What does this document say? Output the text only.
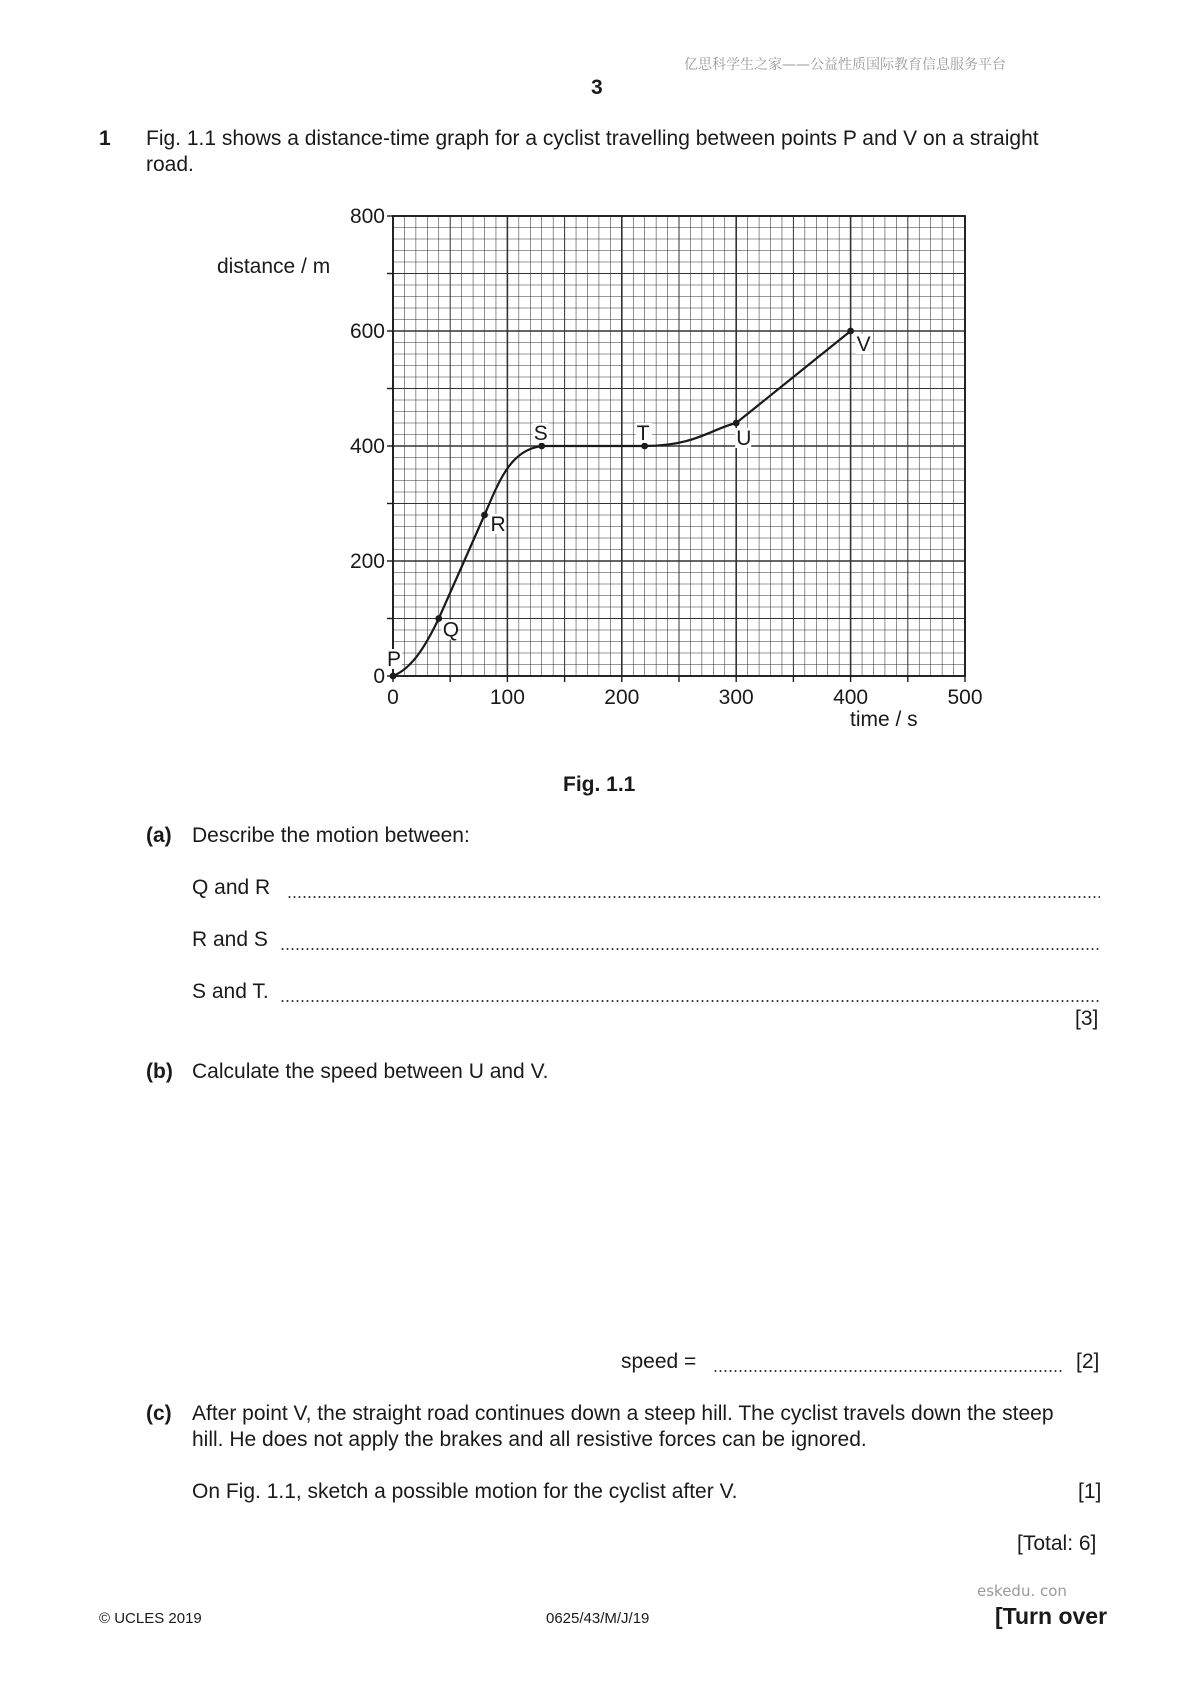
亿思科学生之家——公益性质国际教育信息服务平台
3
1 Fig. 1.1 shows a distance-time graph for a cyclist travelling between points P and V on a straight
road.
0	100	200	300	400	500
0
200
400
600
800
P
Q
R
S	T	U
V
distance / m
time / s
Fig. 1.1
(a) Describe the motion between:
Q and R
R and S
S and T.
[3]
(b) Calculate the speed between U and V.
speed =	[2]
(c) After point V, the straight road continues down a steep hill. The cyclist travels down the steep
hill. He does not apply the brakes and all resistive forces can be ignored.
On Fig. 1.1, sketch a possible motion for the cyclist after V.	[1]
[Total: 6]
eskedu. con
© UCLES 2019	0625/43/M/J/19	[Turn over
